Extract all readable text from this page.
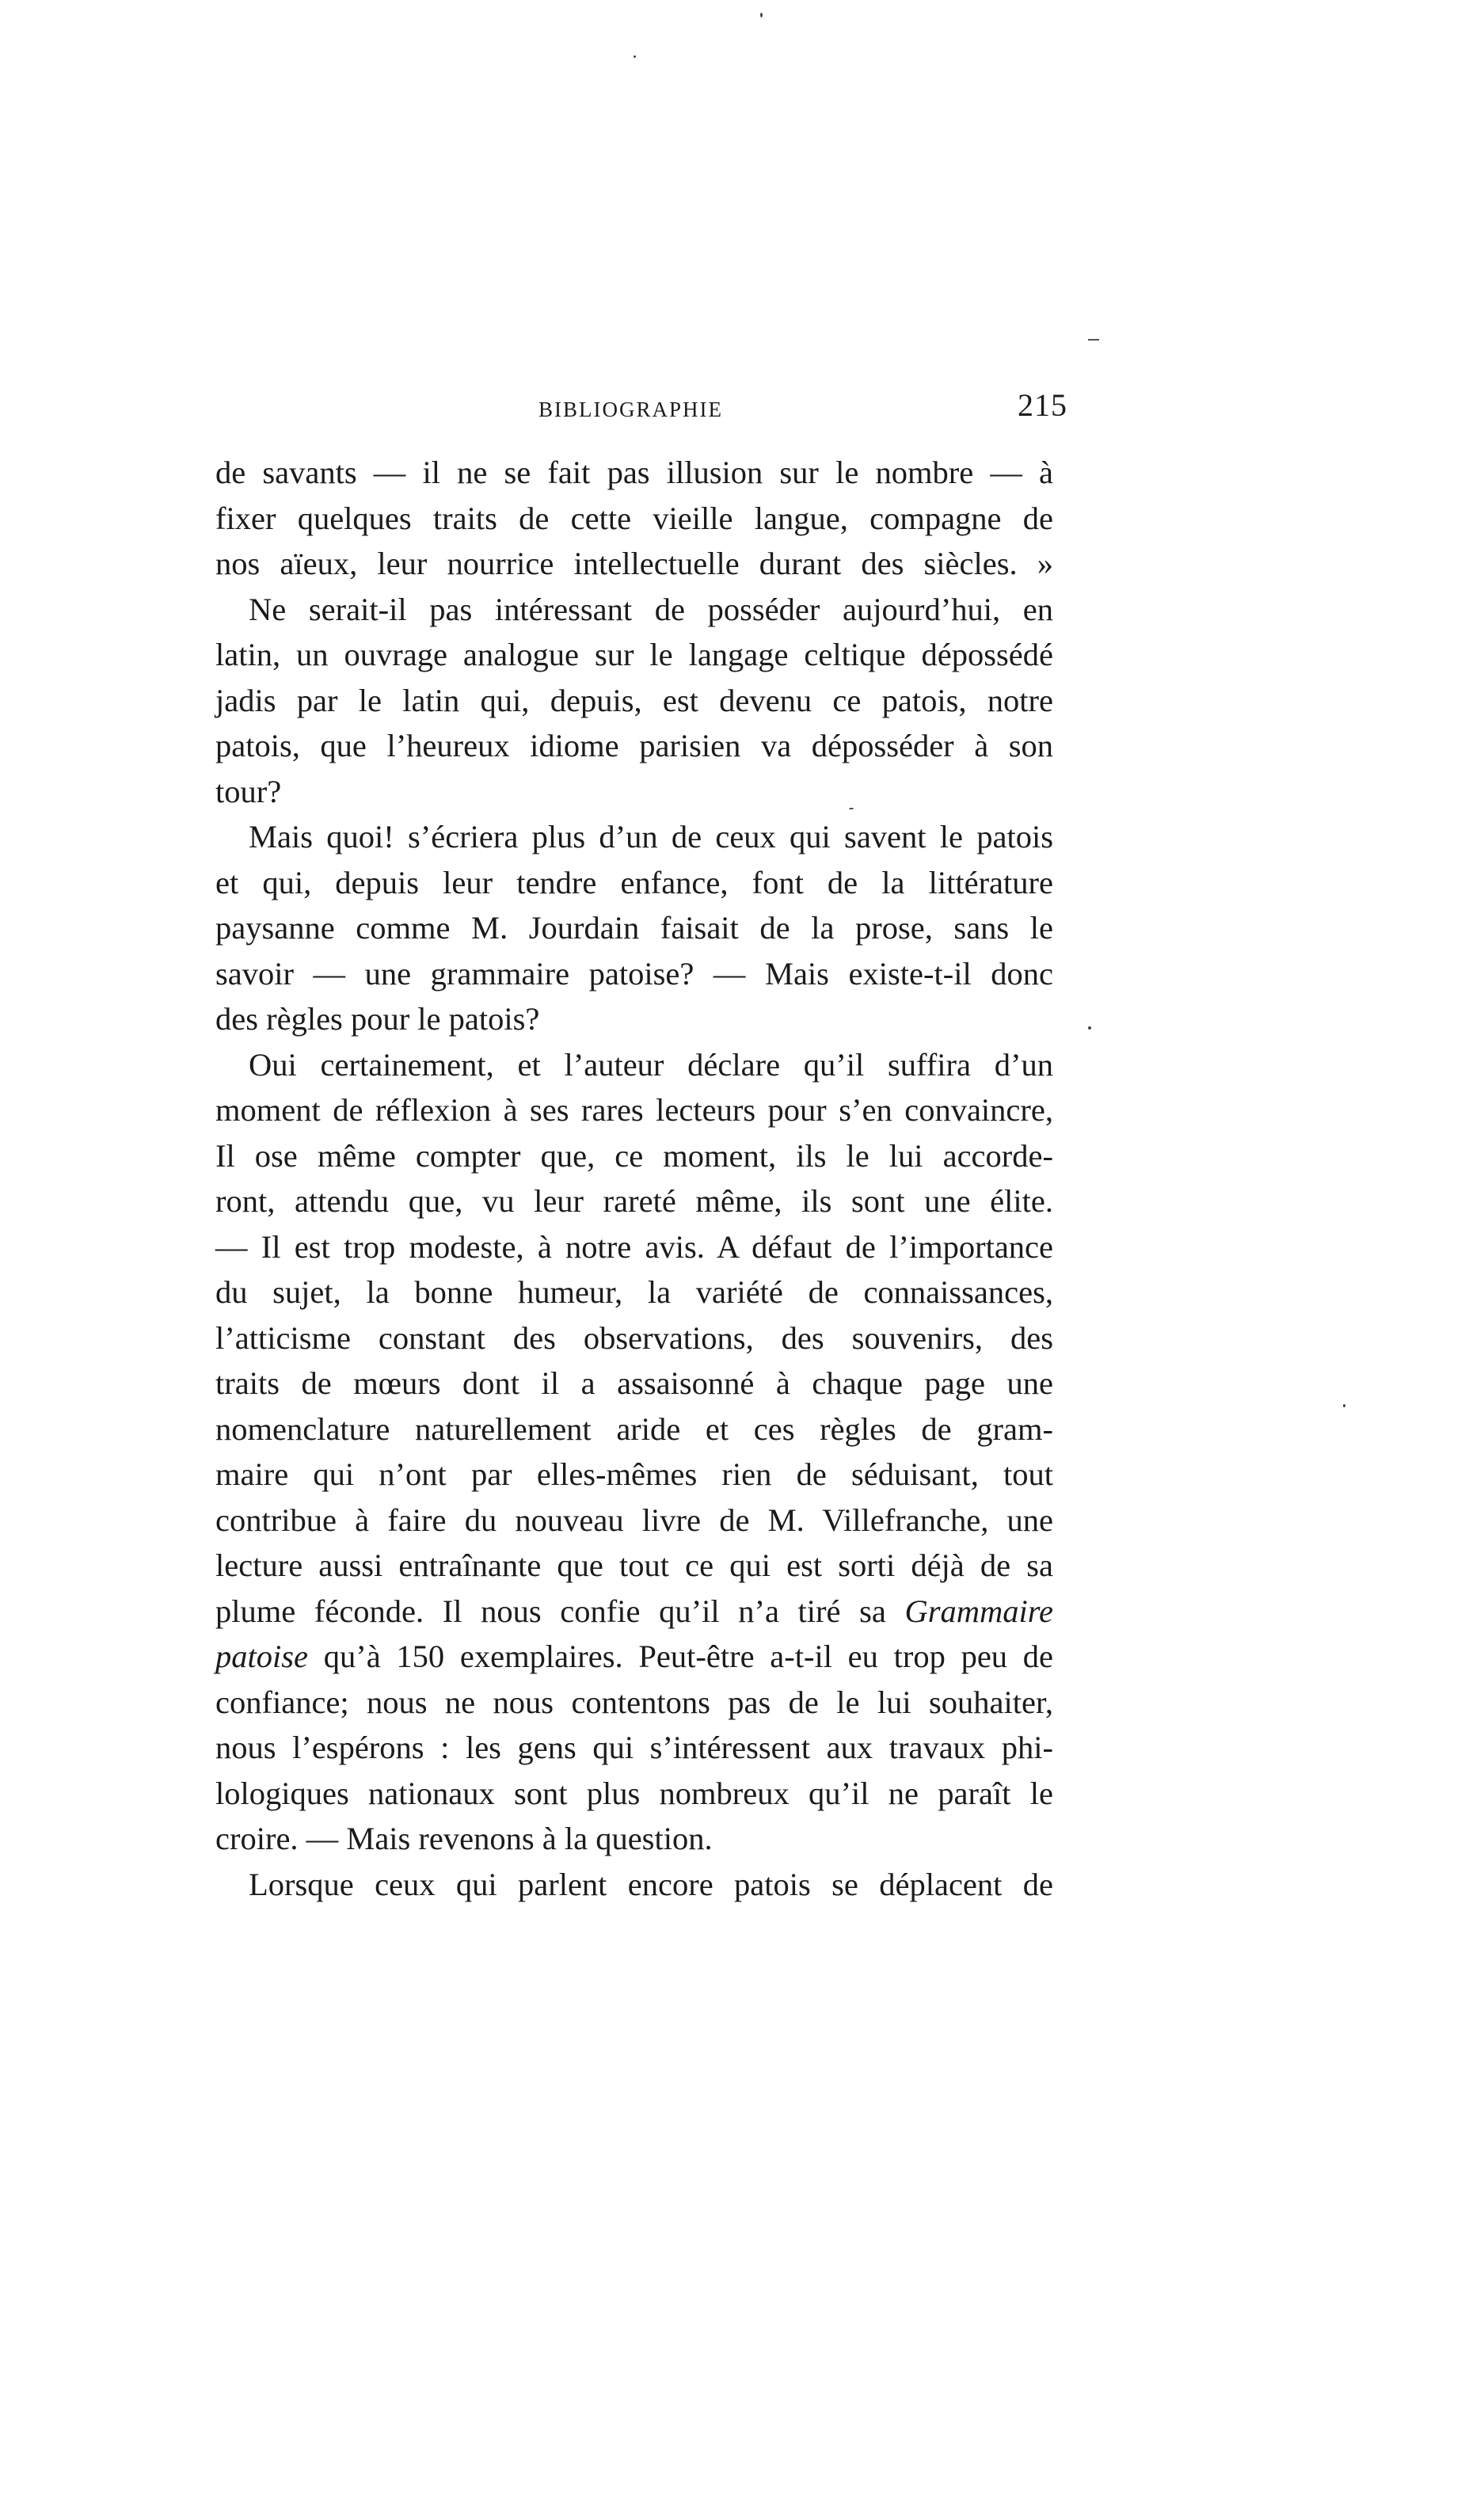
BIBLIOGRAPHIE	215
de savants — il ne se fait pas illusion sur le nombre — à
fixer quelques traits de cette vieille langue, compagne de
nos aïeux, leur nourrice intellectuelle durant des siècles. »
Ne serait-il pas intéressant de posséder aujourd’hui, en
latin, un ouvrage analogue sur le langage celtique dépossédé
jadis par le latin qui, depuis, est devenu ce patois, notre
patois, que l’heureux idiome parisien va déposséder à son
tour?
Mais quoi! s’écriera plus d’un de ceux qui savent le patois
et qui, depuis leur tendre enfance, font de la littérature
paysanne comme M. Jourdain faisait de la prose, sans le
savoir — une grammaire patoise? — Mais existe-t-il donc
des règles pour le patois?
Oui certainement, et l’auteur déclare qu’il suffira d’un
moment de réflexion à ses rares lecteurs pour s’en convaincre,
Il ose même compter que, ce moment, ils le lui accorde-
ront, attendu que, vu leur rareté même, ils sont une élite.
— Il est trop modeste, à notre avis. A défaut de l’importance
du sujet, la bonne humeur, la variété de connaissances,
l’atticisme constant des observations, des souvenirs, des
traits de mœurs dont il a assaisonné à chaque page une
nomenclature naturellement aride et ces règles de gram-
maire qui n’ont par elles-mêmes rien de séduisant, tout
contribue à faire du nouveau livre de M. Villefranche, une
lecture aussi entraînante que tout ce qui est sorti déjà de sa
plume féconde. Il nous confie qu’il n’a tiré sa Grammaire
patoise qu’à 150 exemplaires. Peut-être a-t-il eu trop peu de
confiance; nous ne nous contentons pas de le lui souhaiter,
nous l’espérons : les gens qui s’intéressent aux travaux phi-
lologiques nationaux sont plus nombreux qu’il ne paraît le
croire. — Mais revenons à la question.
Lorsque ceux qui parlent encore patois se déplacent de
